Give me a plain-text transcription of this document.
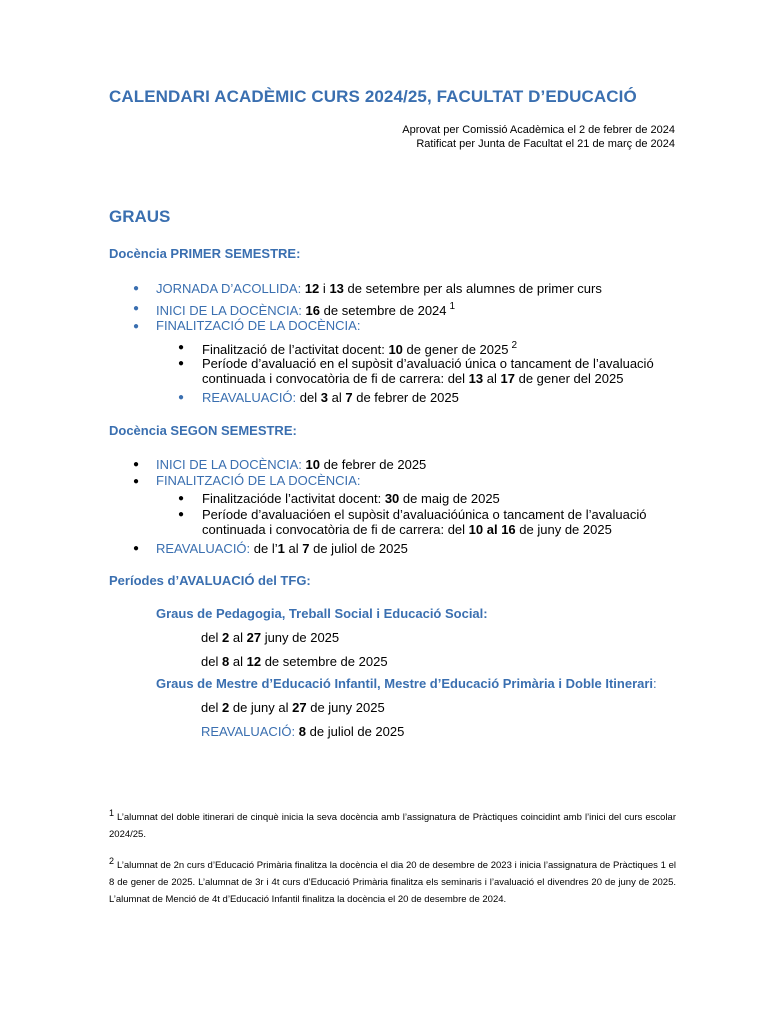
CALENDARI ACADÈMIC CURS 2024/25, FACULTAT D’EDUCACIÓ
Aprovat per Comissió Acadèmica el 2 de febrer de 2024
Ratificat per Junta de Facultat el 21 de març de 2024
GRAUS
Docència PRIMER SEMESTRE:
● JORNADA D’ACOLLIDA: 12 i 13 de setembre per als alumnes de primer curs
● INICI DE LA DOCÈNCIA: 16 de setembre de 2024 $^1$
● FINALITZACIÓ DE LA DOCÈNCIA:
● Finalització de l’activitat docent: 10 de gener de 2025 $^2$
● Període d’avaluació en el supòsit d’avaluació única o tancament de l’avaluació
continuada i convocatòria de fi de carrera: del 13 al 17 de gener del 2025
● REAVALUACIÓ: del 3 al 7 de febrer de 2025
Docència SEGON SEMESTRE:
● INICI DE LA DOCÈNCIA: 10 de febrer de 2025
● FINALITZACIÓ DE LA DOCÈNCIA:
● Finalitzacióde l’activitat docent: 30 de maig de 2025
● Període d’avaluacióen el supòsit d’avaluacióúnica o tancament de l’avaluació
continuada i convocatòria de fi de carrera: del 10 al 16 de juny de 2025
● REAVALUACIÓ: de l’1 al 7 de juliol de 2025
Períodes d’AVALUACIÓ del TFG:
Graus de Pedagogia, Treball Social i Educació Social:
del 2 al 27 juny de 2025
del 8 al 12 de setembre de 2025
Graus de Mestre d’Educació Infantil, Mestre d’Educació Primària i Doble Itinerari:
del 2 de juny al 27 de juny 2025
REAVALUACIÓ: 8 de juliol de 2025
$^1$ L’alumnat del doble itinerari de cinquè inicia la seva docència amb l’assignatura de Pràctiques coincidint amb l’inici del curs escolar 2024/25.
$^2$ L’alumnat de 2n curs d’Educació Primària finalitza la docència el dia 20 de desembre de 2023 i inicia l’assignatura de Pràctiques 1 el 8 de gener de 2025. L’alumnat de 3r i 4t curs d’Educació Primària finalitza els seminaris i l’avaluació el divendres 20 de juny de 2025. L’alumnat de Menció de 4t d’Educació Infantil finalitza la docència el 20 de desembre de 2024.
